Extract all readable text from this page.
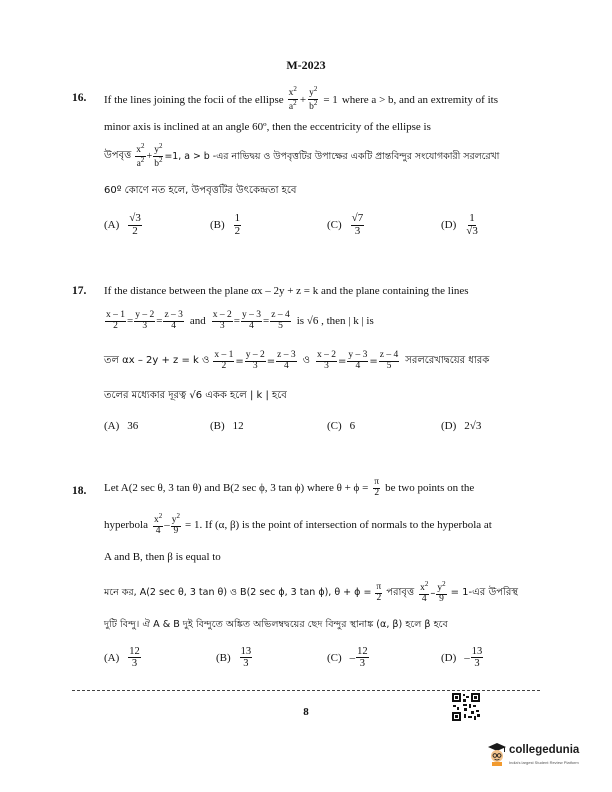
M-2023
16. If the lines joining the focii of the ellipse $\frac{x^2}{a^2} + \frac{y^2}{b^2} = 1$ where a > b, and an extremity of its
minor axis is inclined at an angle 60º, then the eccentricity of the ellipse is
উপবৃত্ত $\frac{x^2}{a^2} + \frac{y^2}{b^2} =1$, a > b -এর নাভিদ্বয় ও উপবৃত্তটির উপাক্ষের একটি প্রান্তবিন্দুর সংযোগকারী সরলরেখা
60º কোণে নত হলে, উপবৃত্তটির উৎকেন্দ্রতা হবে
$(A) \frac{√3}{2}$	$(B) \frac{1}{2}$	$(C) \frac{√7}{3}$	$(D) \frac{1}{√3}$
17. If the distance between the plane αx – 2y + z = k and the plane containing the lines
$\frac{x - 1}{2} = \frac{y - 2}{3} = \frac{z - 3}{4}$ and $\frac{x - 2}{3} = \frac{y - 3}{4} = \frac{z - 4}{5}$ is √6 , then | k | is
তল αx – 2y + z = k ও $\frac{x - 1}{2} = \frac{y - 2}{3} = \frac{z - 3}{4}$ ও $\frac{x - 2}{3} = \frac{y - 3}{4} = \frac{z - 4}{5}$ সরলরেখাদ্বয়ের ধারক
তলের মধ্যেকার দূরত্ব √6 একক হলে | k | হবে
(A) 36	(B) 12	(C) 6	(D) 2√3
18. Let A(2 sec θ, 3 tan θ) and B(2 sec ϕ, 3 tan ϕ) where $\theta + \phi = \frac{\pi}{2}$ be two points on the
hyperbola $\frac{x^2}{4} - \frac{y^2}{9} = 1$. If (α, β) is the point of intersection of normals to the hyperbola at
A and B, then β is equal to
মনে কর, A(2 sec θ, 3 tan θ) ও B(2 sec ϕ, 3 tan ϕ), $\theta + \phi = \frac{\pi}{2}$ পরাবৃত্ত $\frac{x^2}{4} - \frac{y^2}{9}$ = 1-এর উপরিস্থ
দুটি বিন্দু। ঐ A & B দুই বিন্দুতে অঙ্কিত অভিলম্বদ্বয়ের ছেদ বিন্দুর স্থানাঙ্ক (α, β) হলে β হবে
$(A) \frac{12}{3}$	$(B) \frac{13}{3}$	$(C) - \frac{12}{3}$	$(D) - \frac{13}{3}$
8
collegedunia
India's largest Student Review Platform
